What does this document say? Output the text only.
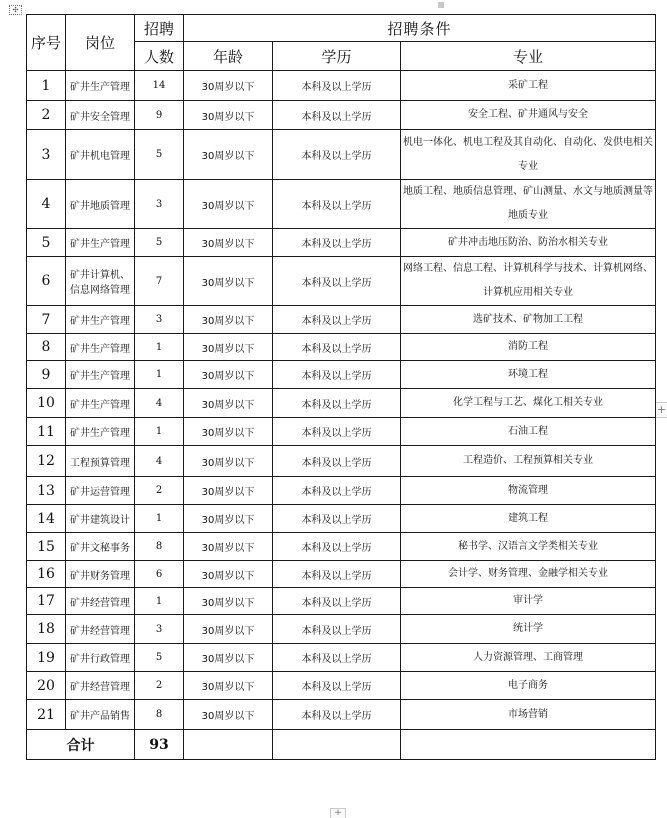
✣
+
+
序号	岗位	招聘	招聘条件		
		人数	年龄	学历	专业
1	矿井生产管理	14	30周岁以下	本科及以上学历	采矿工程
2	矿井安全管理	9	30周岁以下	本科及以上学历	安全工程、矿井通风与安全
3	矿井机电管理	5	30周岁以下	本科及以上学历	机电一体化、机电工程及其自动化、自动化、发供电相关专业
4	矿井地质管理	3	30周岁以下	本科及以上学历	地质工程、地质信息管理、矿山测量、水文与地质测量等地质专业
5	矿井生产管理	5	30周岁以下	本科及以上学历	矿井冲击地压防治、防治水相关专业
6	矿井计算机、信息网络管理	7	30周岁以下	本科及以上学历	网络工程、信息工程、计算机科学与技术、计算机网络、计算机应用相关专业
7	矿井生产管理	3	30周岁以下	本科及以上学历	选矿技术、矿物加工工程
8	矿井生产管理	1	30周岁以下	本科及以上学历	消防工程
9	矿井生产管理	1	30周岁以下	本科及以上学历	环境工程
10	矿井生产管理	4	30周岁以下	本科及以上学历	化学工程与工艺、煤化工相关专业
11	矿井生产管理	1	30周岁以下	本科及以上学历	石油工程
12	工程预算管理	4	30周岁以下	本科及以上学历	工程造价、工程预算相关专业
13	矿井运营管理	2	30周岁以下	本科及以上学历	物流管理
14	矿井建筑设计	1	30周岁以下	本科及以上学历	建筑工程
15	矿井文秘事务	8	30周岁以下	本科及以上学历	秘书学、汉语言文学类相关专业
16	矿井财务管理	6	30周岁以下	本科及以上学历	会计学、财务管理、金融学相关专业
17	矿井经营管理	1	30周岁以下	本科及以上学历	审计学
18	矿井经营管理	3	30周岁以下	本科及以上学历	统计学
19	矿井行政管理	5	30周岁以下	本科及以上学历	人力资源管理、工商管理
20	矿井经营管理	2	30周岁以下	本科及以上学历	电子商务
21	矿井产品销售	8	30周岁以下	本科及以上学历	市场营销
合计		93			
